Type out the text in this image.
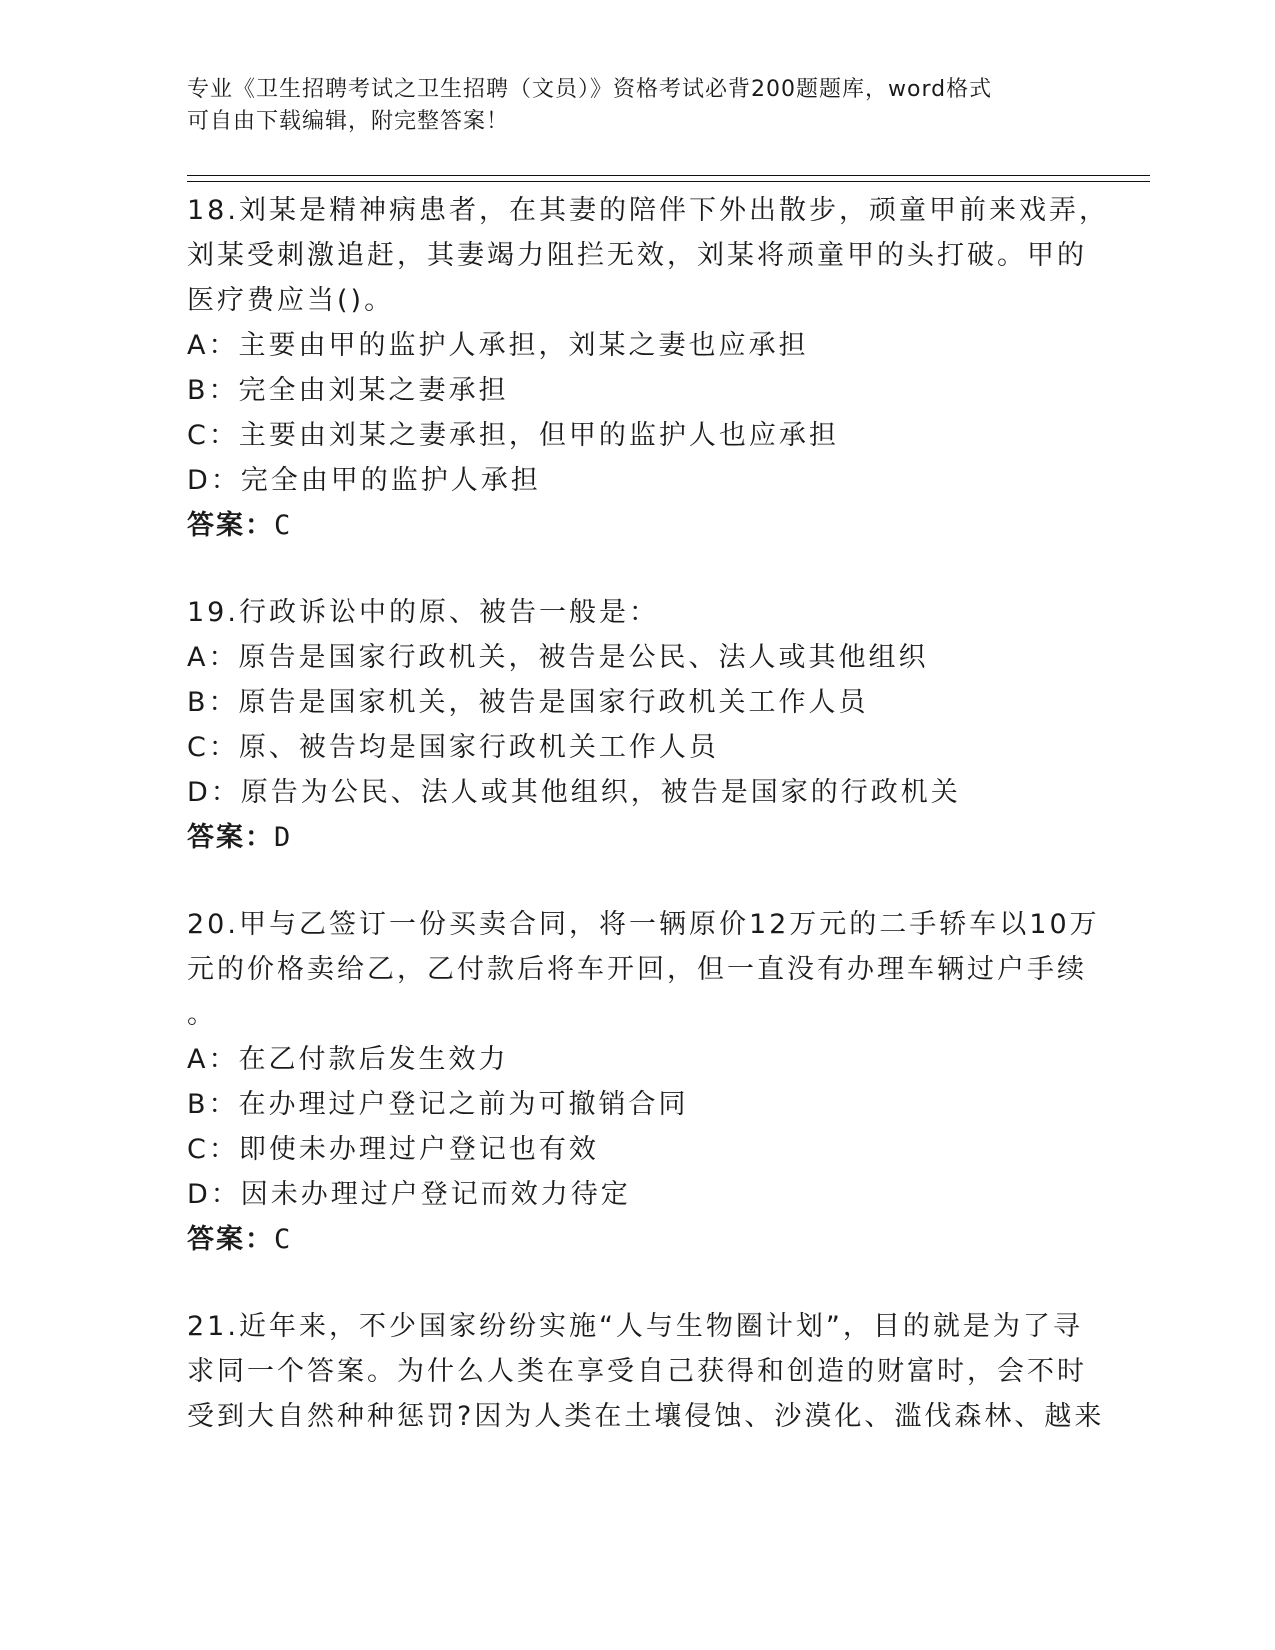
专业《卫生招聘考试之卫生招聘（文员）》资格考试必背200题题库，word格式
可自由下载编辑，附完整答案！
18.刘某是精神病患者，在其妻的陪伴下外出散步，顽童甲前来戏弄，
刘某受刺激追赶，其妻竭力阻拦无效，刘某将顽童甲的头打破。甲的
医疗费应当()。
A：主要由甲的监护人承担，刘某之妻也应承担
B：完全由刘某之妻承担
C：主要由刘某之妻承担，但甲的监护人也应承担
D：完全由甲的监护人承担
答案：C
19.行政诉讼中的原、被告一般是：
A：原告是国家行政机关，被告是公民、法人或其他组织
B：原告是国家机关，被告是国家行政机关工作人员
C：原、被告均是国家行政机关工作人员
D：原告为公民、法人或其他组织，被告是国家的行政机关
答案：D
20.甲与乙签订一份买卖合同，将一辆原价12万元的二手轿车以10万
元的价格卖给乙，乙付款后将车开回，但一直没有办理车辆过户手续
。
A：在乙付款后发生效力
B：在办理过户登记之前为可撤销合同
C：即使未办理过户登记也有效
D：因未办理过户登记而效力待定
答案：C
21.近年来，不少国家纷纷实施“人与生物圈计划”，目的就是为了寻
求同一个答案。为什么人类在享受自己获得和创造的财富时，会不时
受到大自然种种惩罚?因为人类在土壤侵蚀、沙漠化、滥伐森林、越来
